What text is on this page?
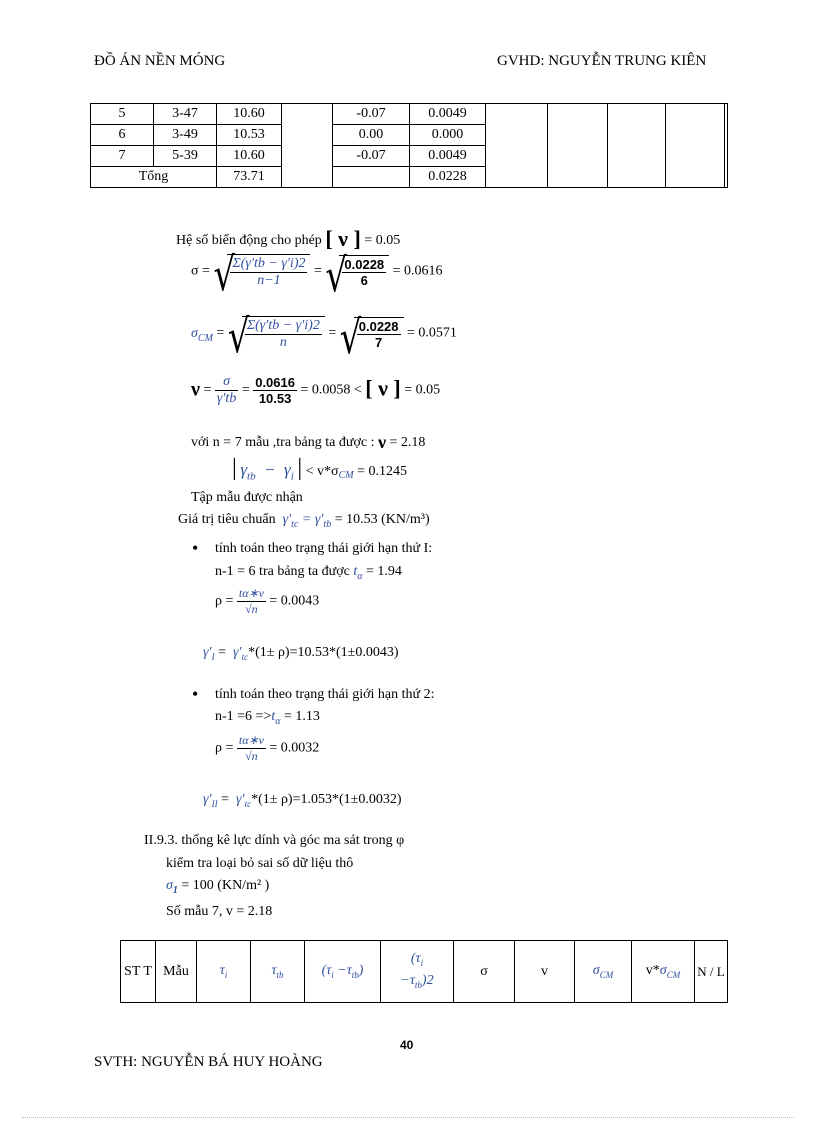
ĐỒ ÁN NỀN MÓNG	GVHD: NGUYỄN TRUNG KIÊN
5	3-47	10.60		-0.07	0.0049					
6	3-49	10.53		0.00	0.000					
7	5-39	10.60		-0.07	0.0049					
Tổng		73.71			0.0228					
Hệ số biến động cho phép [ ν ] = 0.05
σ = √
$\frac{\Sigma(\gamma'tb - \gamma'i)2}{n-1}$ = √
$\frac{0.0228}{6} = 0.0616$
$\sigma_{CM}$ = √
$\frac{\Sigma(\gamma'tb - \gamma'i)2}{n}$ = √
$\frac{0.0228}{7} = 0.0571$
$\nu = \frac{\sigma}{\gamma'tb} = \frac{0.0616}{10.53} = 0.0058$ < [ ν ] = 0.05
với n = 7 mẫu ,tra bảng ta được : ν = 2.18
| $\gamma_{tb} - \gamma_i$ | < $v*\sigma_{CM} = 0.1245$
Tập mẫu được nhận
Giá trị tiêu chuẩn  $\gamma'_{tc} = \gamma'_{tb} = 10.53$ (KN/m³)
• tính toán theo trạng thái giới hạn thứ I:
n-1 = 6 tra bảng ta được $t_\alpha = 1.94$
$\rho = \frac{t\alpha∗\nu}{√n} = 0.0043$
$\gamma'_I = \gamma'_{tc}*(1\pm \rho)=10.53*(1\pm 0.0043)$
• tính toán theo trạng thái giới hạn thứ 2:
$n-1 =6 =>t_\alpha = 1.13$
$\rho = \frac{t\alpha∗\nu}{√n} = 0.0032$
$\gamma'_{II} = \gamma'_{tc}*(1\pm \rho)=1.053*(1\pm 0.0032)$
II.9.3. thống kê lực dính và góc ma sát trong φ
kiểm tra loại bỏ sai số dữ liệu thô
$\sigma_1 = 100$ (KN/m² )
Số mẫu 7, v = 2.18
ST T	Mẫu	$\tau_i$	$\tau_{tb}$	$(\tau_i -\tau_{tb})$	($\tau_i$
$-\tau_{tb})2$	σ	v	$\sigma_{CM}$	$v*\sigma_{CM}$	N / L
40
SVTH: NGUYỄN BÁ HUY HOÀNG
